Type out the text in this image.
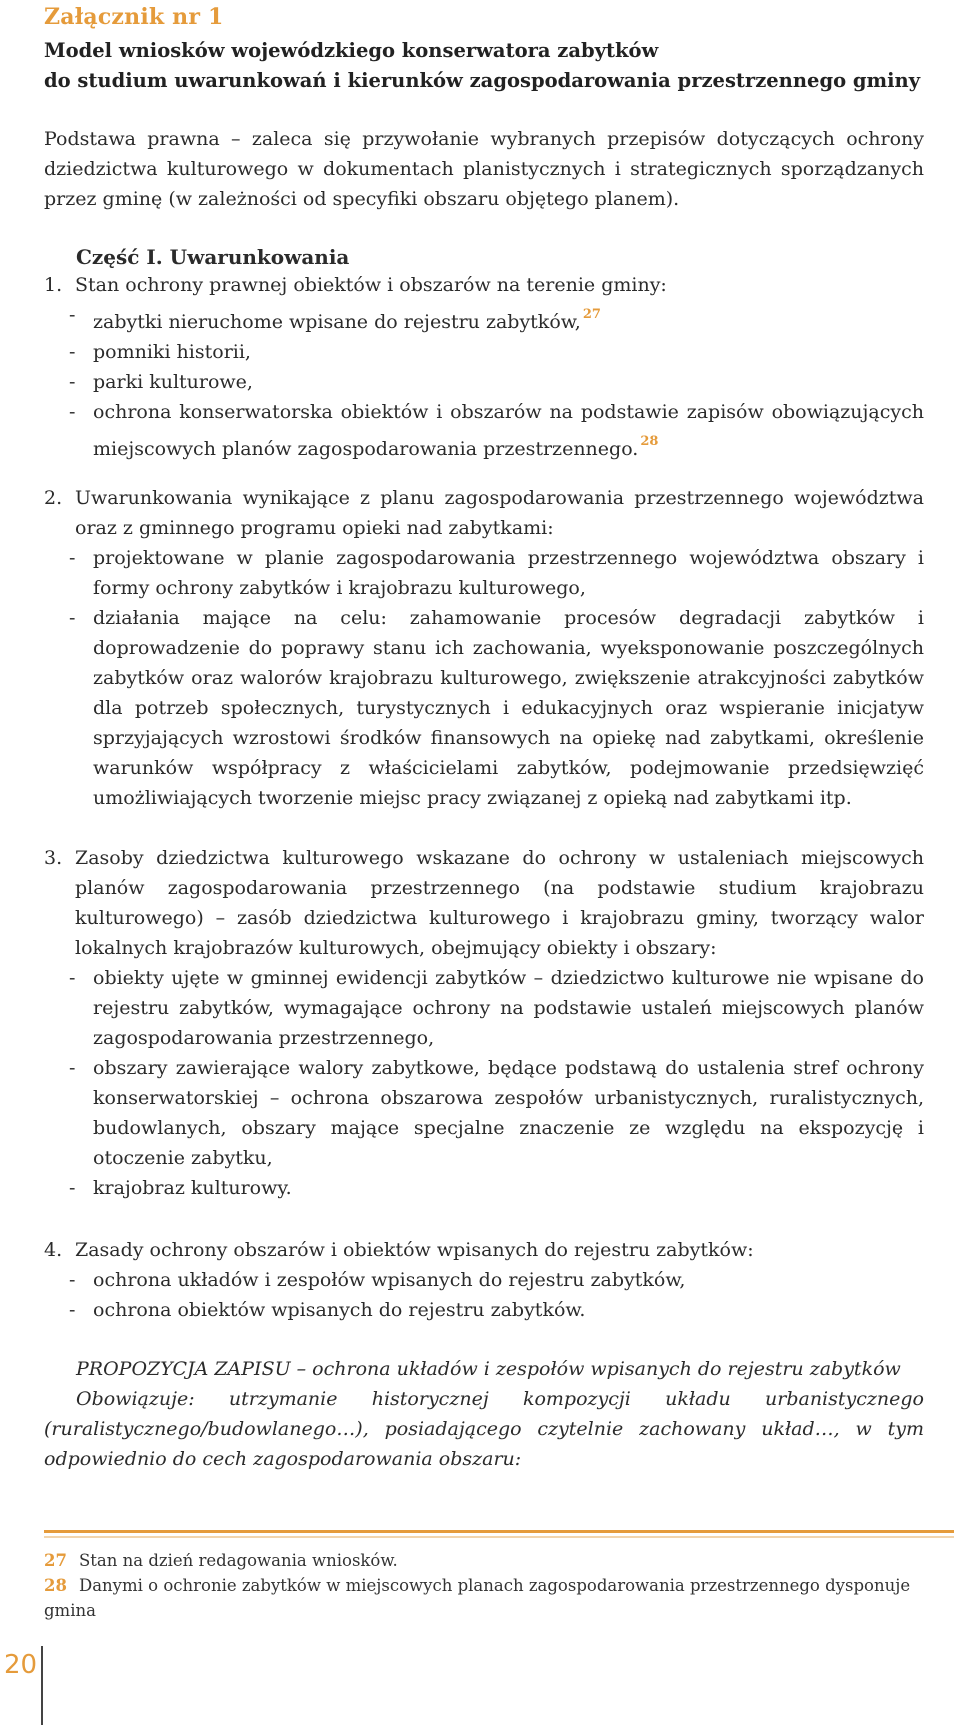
Załącznik nr 1
Model wniosków wojewódzkiego konserwatora zabytków
do studium uwarunkowań i kierunków zagospodarowania przestrzennego gminy
Podstawa prawna – zaleca się przywołanie wybranych przepisów dotyczących ochrony dziedzictwa kulturowego w dokumentach planistycznych i strategicznych sporządzanych przez gminę (w zależności od specyfiki obszaru objętego planem).
Część I. Uwarunkowania
1. Stan ochrony prawnej obiektów i obszarów na terenie gminy:
- zabytki nieruchome wpisane do rejestru zabytków, $^{27}$
- pomniki historii,
- parki kulturowe,
- ochrona konserwatorska obiektów i obszarów na podstawie zapisów obowiązujących miejscowych planów zagospodarowania przestrzennego. $^{28}$
2. Uwarunkowania wynikające z planu zagospodarowania przestrzennego województwa oraz z gminnego programu opieki nad zabytkami:
- projektowane w planie zagospodarowania przestrzennego województwa obszary i formy ochrony zabytków i krajobrazu kulturowego,
- działania mające na celu: zahamowanie procesów degradacji zabytków i doprowadzenie do poprawy stanu ich zachowania, wyeksponowanie poszczególnych zabytków oraz walorów krajobrazu kulturowego, zwiększenie atrakcyjności zabytków dla potrzeb społecznych, turystycznych i edukacyjnych oraz wspieranie inicjatyw sprzyjających wzrostowi środków finansowych na opiekę nad zabytkami, określenie warunków współpracy z właścicielami zabytków, podejmowanie przedsięwzięć umożliwiających tworzenie miejsc pracy związanej z opieką nad zabytkami itp.
3. Zasoby dziedzictwa kulturowego wskazane do ochrony w ustaleniach miejscowych planów zagospodarowania przestrzennego (na podstawie studium krajobrazu kulturowego) – zasób dziedzictwa kulturowego i krajobrazu gminy, tworzący walor lokalnych krajobrazów kulturowych, obejmujący obiekty i obszary:
- obiekty ujęte w gminnej ewidencji zabytków – dziedzictwo kulturowe nie wpisane do rejestru zabytków, wymagające ochrony na podstawie ustaleń miejscowych planów zagospodarowania przestrzennego,
- obszary zawierające walory zabytkowe, będące podstawą do ustalenia stref ochrony konserwatorskiej – ochrona obszarowa zespołów urbanistycznych, ruralistycznych, budowlanych, obszary mające specjalne znaczenie ze względu na ekspozycję i otoczenie zabytku,
- krajobraz kulturowy.
4. Zasady ochrony obszarów i obiektów wpisanych do rejestru zabytków:
- ochrona układów i zespołów wpisanych do rejestru zabytków,
- ochrona obiektów wpisanych do rejestru zabytków.

PROPOZYCJA ZAPISU – ochrona układów i zespołów wpisanych do rejestru zabytków

Obowiązuje: utrzymanie historycznej kompozycji układu urbanistycznego (ruralistycznego/budowlanego…), posiadającego czytelnie zachowany układ…, w tym odpowiednio do cech zagospodarowania obszaru:

27 Stan na dzień redagowania wniosków.
28 Danymi o ochronie zabytków w miejscowych planach zagospodarowania przestrzennego dysponuje gmina
20
